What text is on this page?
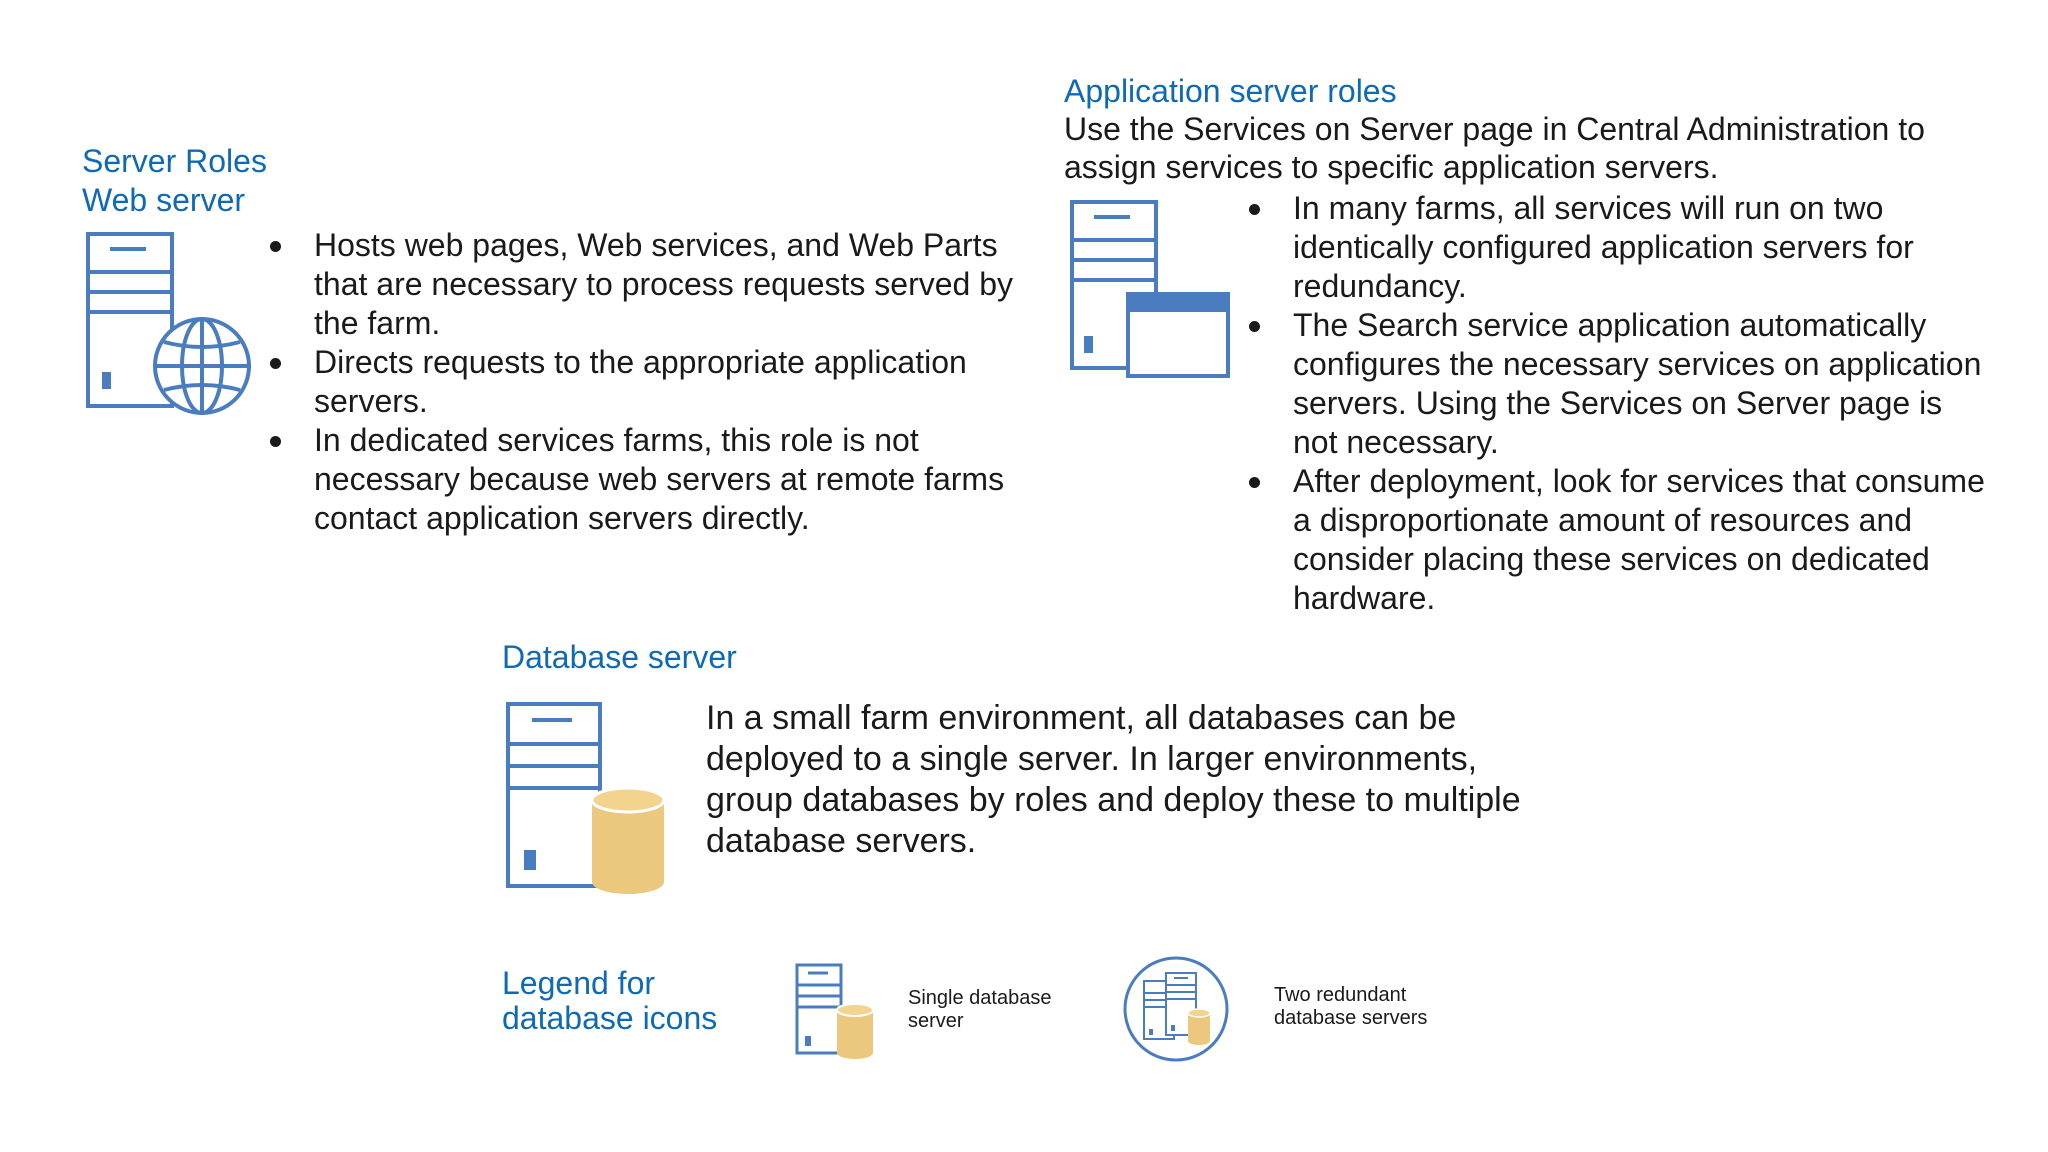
Server Roles
Web server
Hosts web pages, Web services, and Web Parts that are necessary to process requests served by the farm.
Directs requests to the appropriate application servers.
In dedicated services farms, this role is not necessary because web servers at remote farms contact application servers directly.
Application server roles
Use the Services on Server page in Central Administration to assign services to specific application servers.
In many farms, all services will run on two identically configured application servers for redundancy.
The Search service application automatically configures the necessary services on application servers. Using the Services on Server page is not necessary.
After deployment, look for services that consume a disproportionate amount of resources and consider placing these services on dedicated hardware.
Database server
In a small farm environment, all databases can be deployed to a single server. In larger environments, group databases by roles and deploy these to multiple database servers.
Legend for database icons
Single database server
Two redundant database servers
